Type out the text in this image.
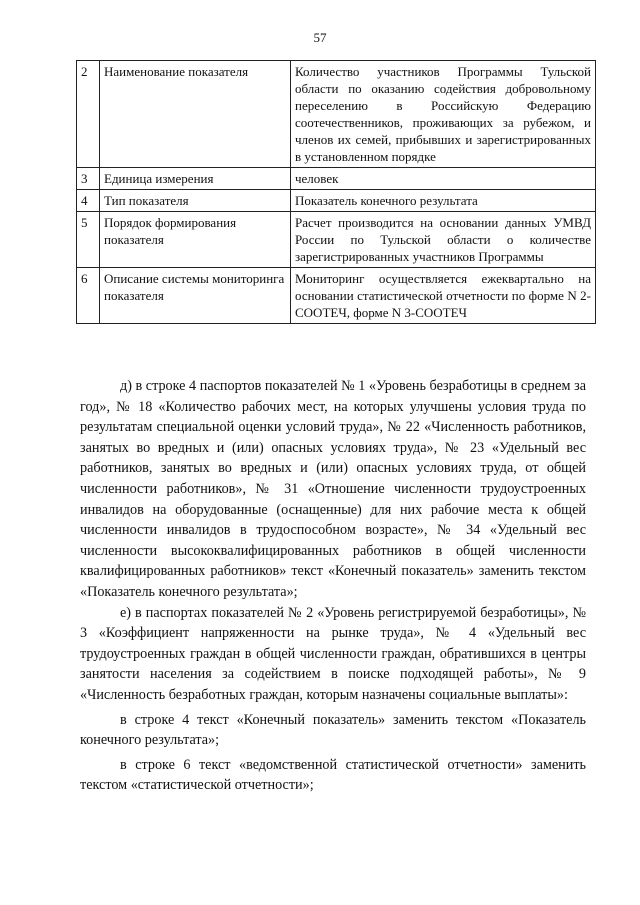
57
2	Наименование показателя	Количество участников Программы Тульской области по оказанию содействия добровольному переселению в Российскую Федерацию соотечественников, проживающих за рубежом, и членов их семей, прибывших и зарегистрированных в установленном порядке
3	Единица измерения	человек
4	Тип показателя	Показатель конечного результата
5	Порядок формирования показателя	Расчет производится на основании данных УМВД России по Тульской области о количестве зарегистрированных участников Программы
6	Описание системы мониторинга показателя	Мониторинг осуществляется ежеквартально на основании статистической отчетности по форме N 2-СООТЕЧ, форме N 3-СООТЕЧ

д) в строке 4 паспортов показателей № 1 «Уровень безработицы в среднем за год», № 18 «Количество рабочих мест, на которых улучшены условия труда по результатам специальной оценки условий труда», № 22 «Численность работников, занятых во вредных и (или) опасных условиях труда», № 23 «Удельный вес работников, занятых во вредных и (или) опасных условиях труда, от общей численности работников», № 31 «Отношение численности трудоустроенных инвалидов на оборудованные (оснащенные) для них рабочие места к общей численности инвалидов в трудоспособном возрасте», № 34 «Удельный вес численности высококвалифицированных работников в общей численности квалифицированных работников» текст «Конечный показатель» заменить текстом «Показатель конечного результата»;

е) в паспортах показателей № 2 «Уровень регистрируемой безработицы», № 3 «Коэффициент напряженности на рынке труда», № 4 «Удельный вес трудоустроенных граждан в общей численности граждан, обратившихся в центры занятости населения за содействием в поиске подходящей работы», № 9 «Численность безработных граждан, которым назначены социальные выплаты»:

в строке 4 текст «Конечный показатель» заменить текстом «Показатель конечного результата»;

в строке 6 текст «ведомственной статистической отчетности» заменить текстом «статистической отчетности»;
